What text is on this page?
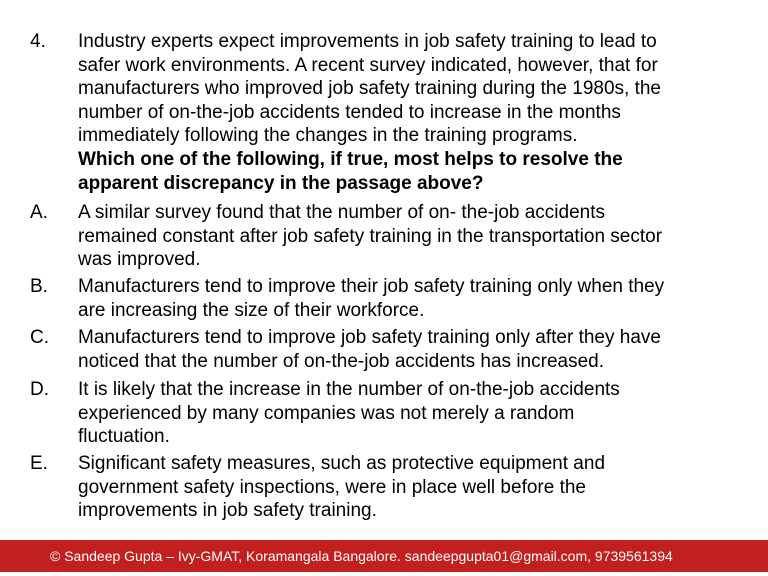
4. Industry experts expect improvements in job safety training to lead to
safer work environments. A recent survey indicated, however, that for
manufacturers who improved job safety training during the 1980s, the
number of on-the-job accidents tended to increase in the months
immediately following the changes in the training programs.
Which one of the following, if true, most helps to resolve the
apparent discrepancy in the passage above?
A. A similar survey found that the number of on- the-job accidents
remained constant after job safety training in the transportation sector
was improved.
B. Manufacturers tend to improve their job safety training only when they
are increasing the size of their workforce.
C. Manufacturers tend to improve job safety training only after they have
noticed that the number of on-the-job accidents has increased.
D. It is likely that the increase in the number of on-the-job accidents
experienced by many companies was not merely a random
fluctuation.
E. Significant safety measures, such as protective equipment and
government safety inspections, were in place well before the
improvements in job safety training.
© Sandeep Gupta – Ivy-GMAT, Koramangala Bangalore. sandeepgupta01@gmail.com, 9739561394
